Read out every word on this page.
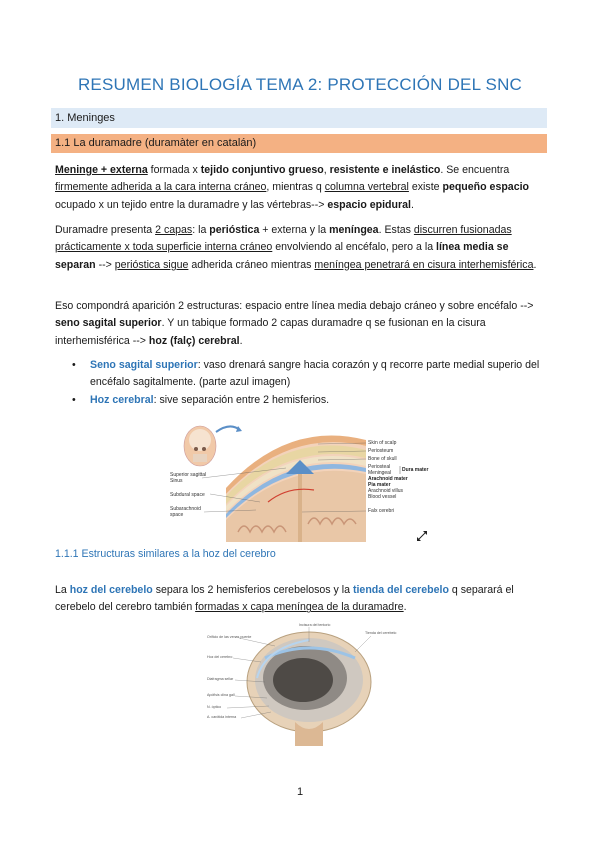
RESUMEN BIOLOGÍA TEMA 2: PROTECCIÓN DEL SNC
1. Meninges
1.1 La duramadre (duramàter en catalán)
Meninge + externa formada x tejido conjuntivo grueso, resistente e inelástico. Se encuentra firmemente adherida a la cara interna cráneo, mientras q columna vertebral existe pequeño espacio ocupado x un tejido entre la duramadre y las vértebras--> espacio epidural.
Duramadre presenta 2 capas: la perióstica + externa y la meníngea. Estas discurren fusionadas prácticamente x toda superficie interna cráneo envolviendo al encéfalo, pero a la línea media se separan --> perióstica sigue adherida cráneo mientras meníngea penetrará en cisura interhemisférica.
Eso compondrá aparición 2 estructuras: espacio entre línea media debajo cráneo y sobre encéfalo --> seno sagital superior. Y un tabique formado 2 capas duramadre q se fusionan en la cisura interhemisférica --> hoz (falç) cerebral.
• Seno sagital superior: vaso drenará sangre hacia corazón y q recorre parte medial superio del encéfalo sagitalmente. (parte azul imagen)
• Hoz cerebral: sive separación entre 2 hemisferios.
Superior sagittal
Sinus
Subdural space
Subarachnoid
space
Skin of scalp
Periosteum
Bone of skull
Periosteal
Meningeal
Arachnoid mater
Pia mater
Arachnoid villus
Blood vessel
Falx cerebri
Dura mater
1.1.1 Estructuras similares a la hoz del cerebro
La hoz del cerebelo separa los 2 hemisferios cerebelosos y la tienda del cerebelo q separará el cerebelo del cerebro también formadas x capa meníngea de la duramadre.
Incisura del tentorio
Orificio de las venas puente
Hoz del cerebro
Diafragma sellar
Apófisis clina gall
N. óptico
A. carótida interna
Tienda del cerebelo
1
